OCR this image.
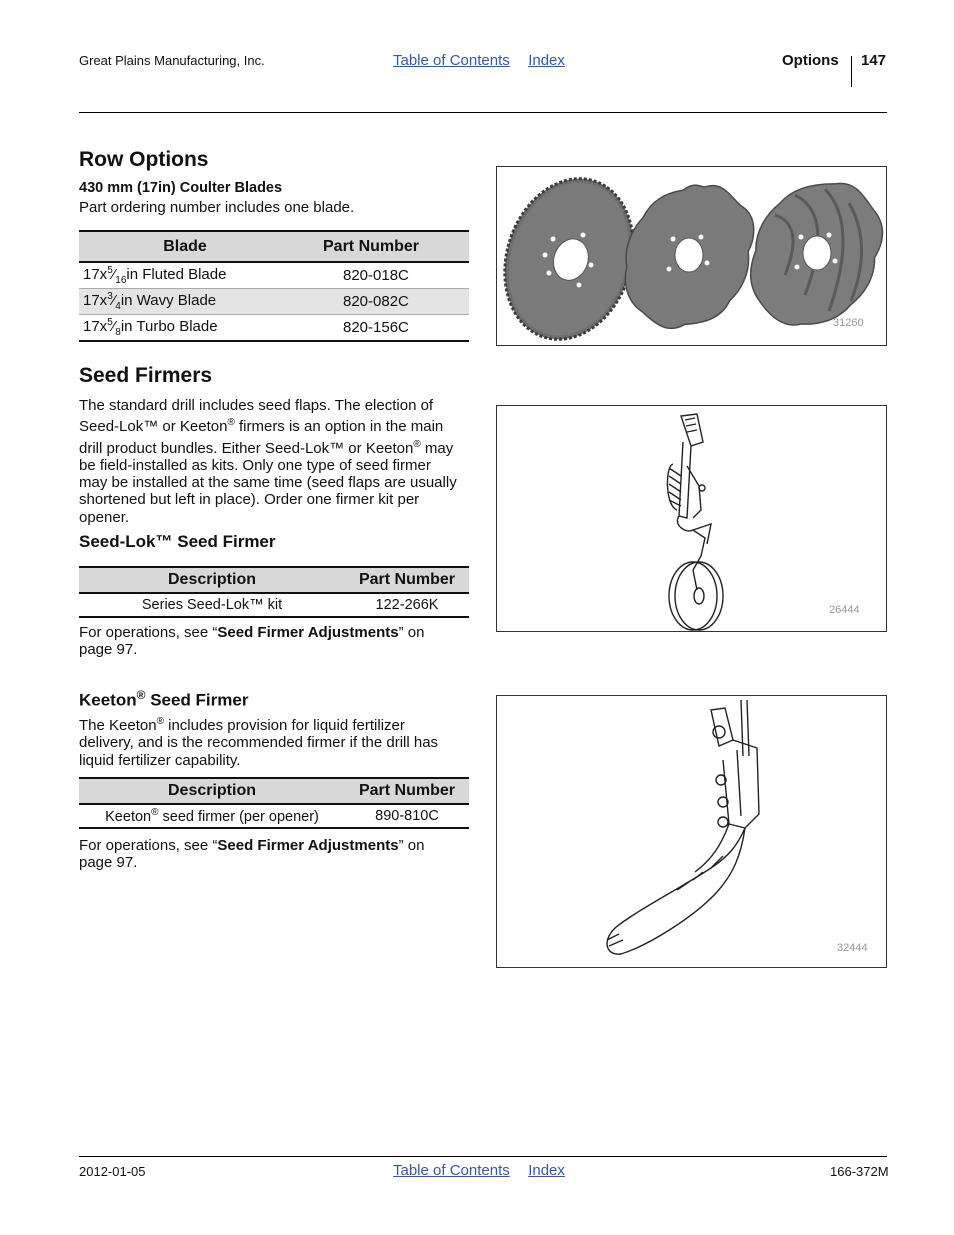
Great Plains Manufacturing, Inc.	Table of Contents Index	Options 147
Row Options
430 mm (17in) Coulter Blades

Part ordering number includes one blade.

Blade	Part Number
$17x^5⁄_{16}in$ Fluted Blade	820-018C
$17x^3⁄_4in$ Wavy Blade	820-082C
$17x^5⁄_8in$ Turbo Blade	820-156C	31260
Seed Firmers

The standard drill includes seed flaps. The election of

Seed-Lok™ or Keeton® firmers is an option in the main

drill product bundles. Either Seed-Lok™ or Keeton® may

be field-installed as kits. Only one type of seed firmer

may be installed at the same time (seed flaps are usually

shortened but left in place). Order one firmer kit per

opener.

26444
Seed-Lok™ Seed Firmer
Description	Part Number
Series Seed-Lok™ kit	122-266K

For operations, see “Seed Firmer Adjustments” on

page 97.

Keeton® Seed Firmer

The Keeton® includes provision for liquid fertilizer

delivery, and is the recommended firmer if the drill has

liquid fertilizer capability.

Description	Part Number
Keeton® seed firmer (per opener)	890-810C

For operations, see “Seed Firmer Adjustments” on

page 97.

32444
2012-01-05	Table of Contents Index	166-372M
